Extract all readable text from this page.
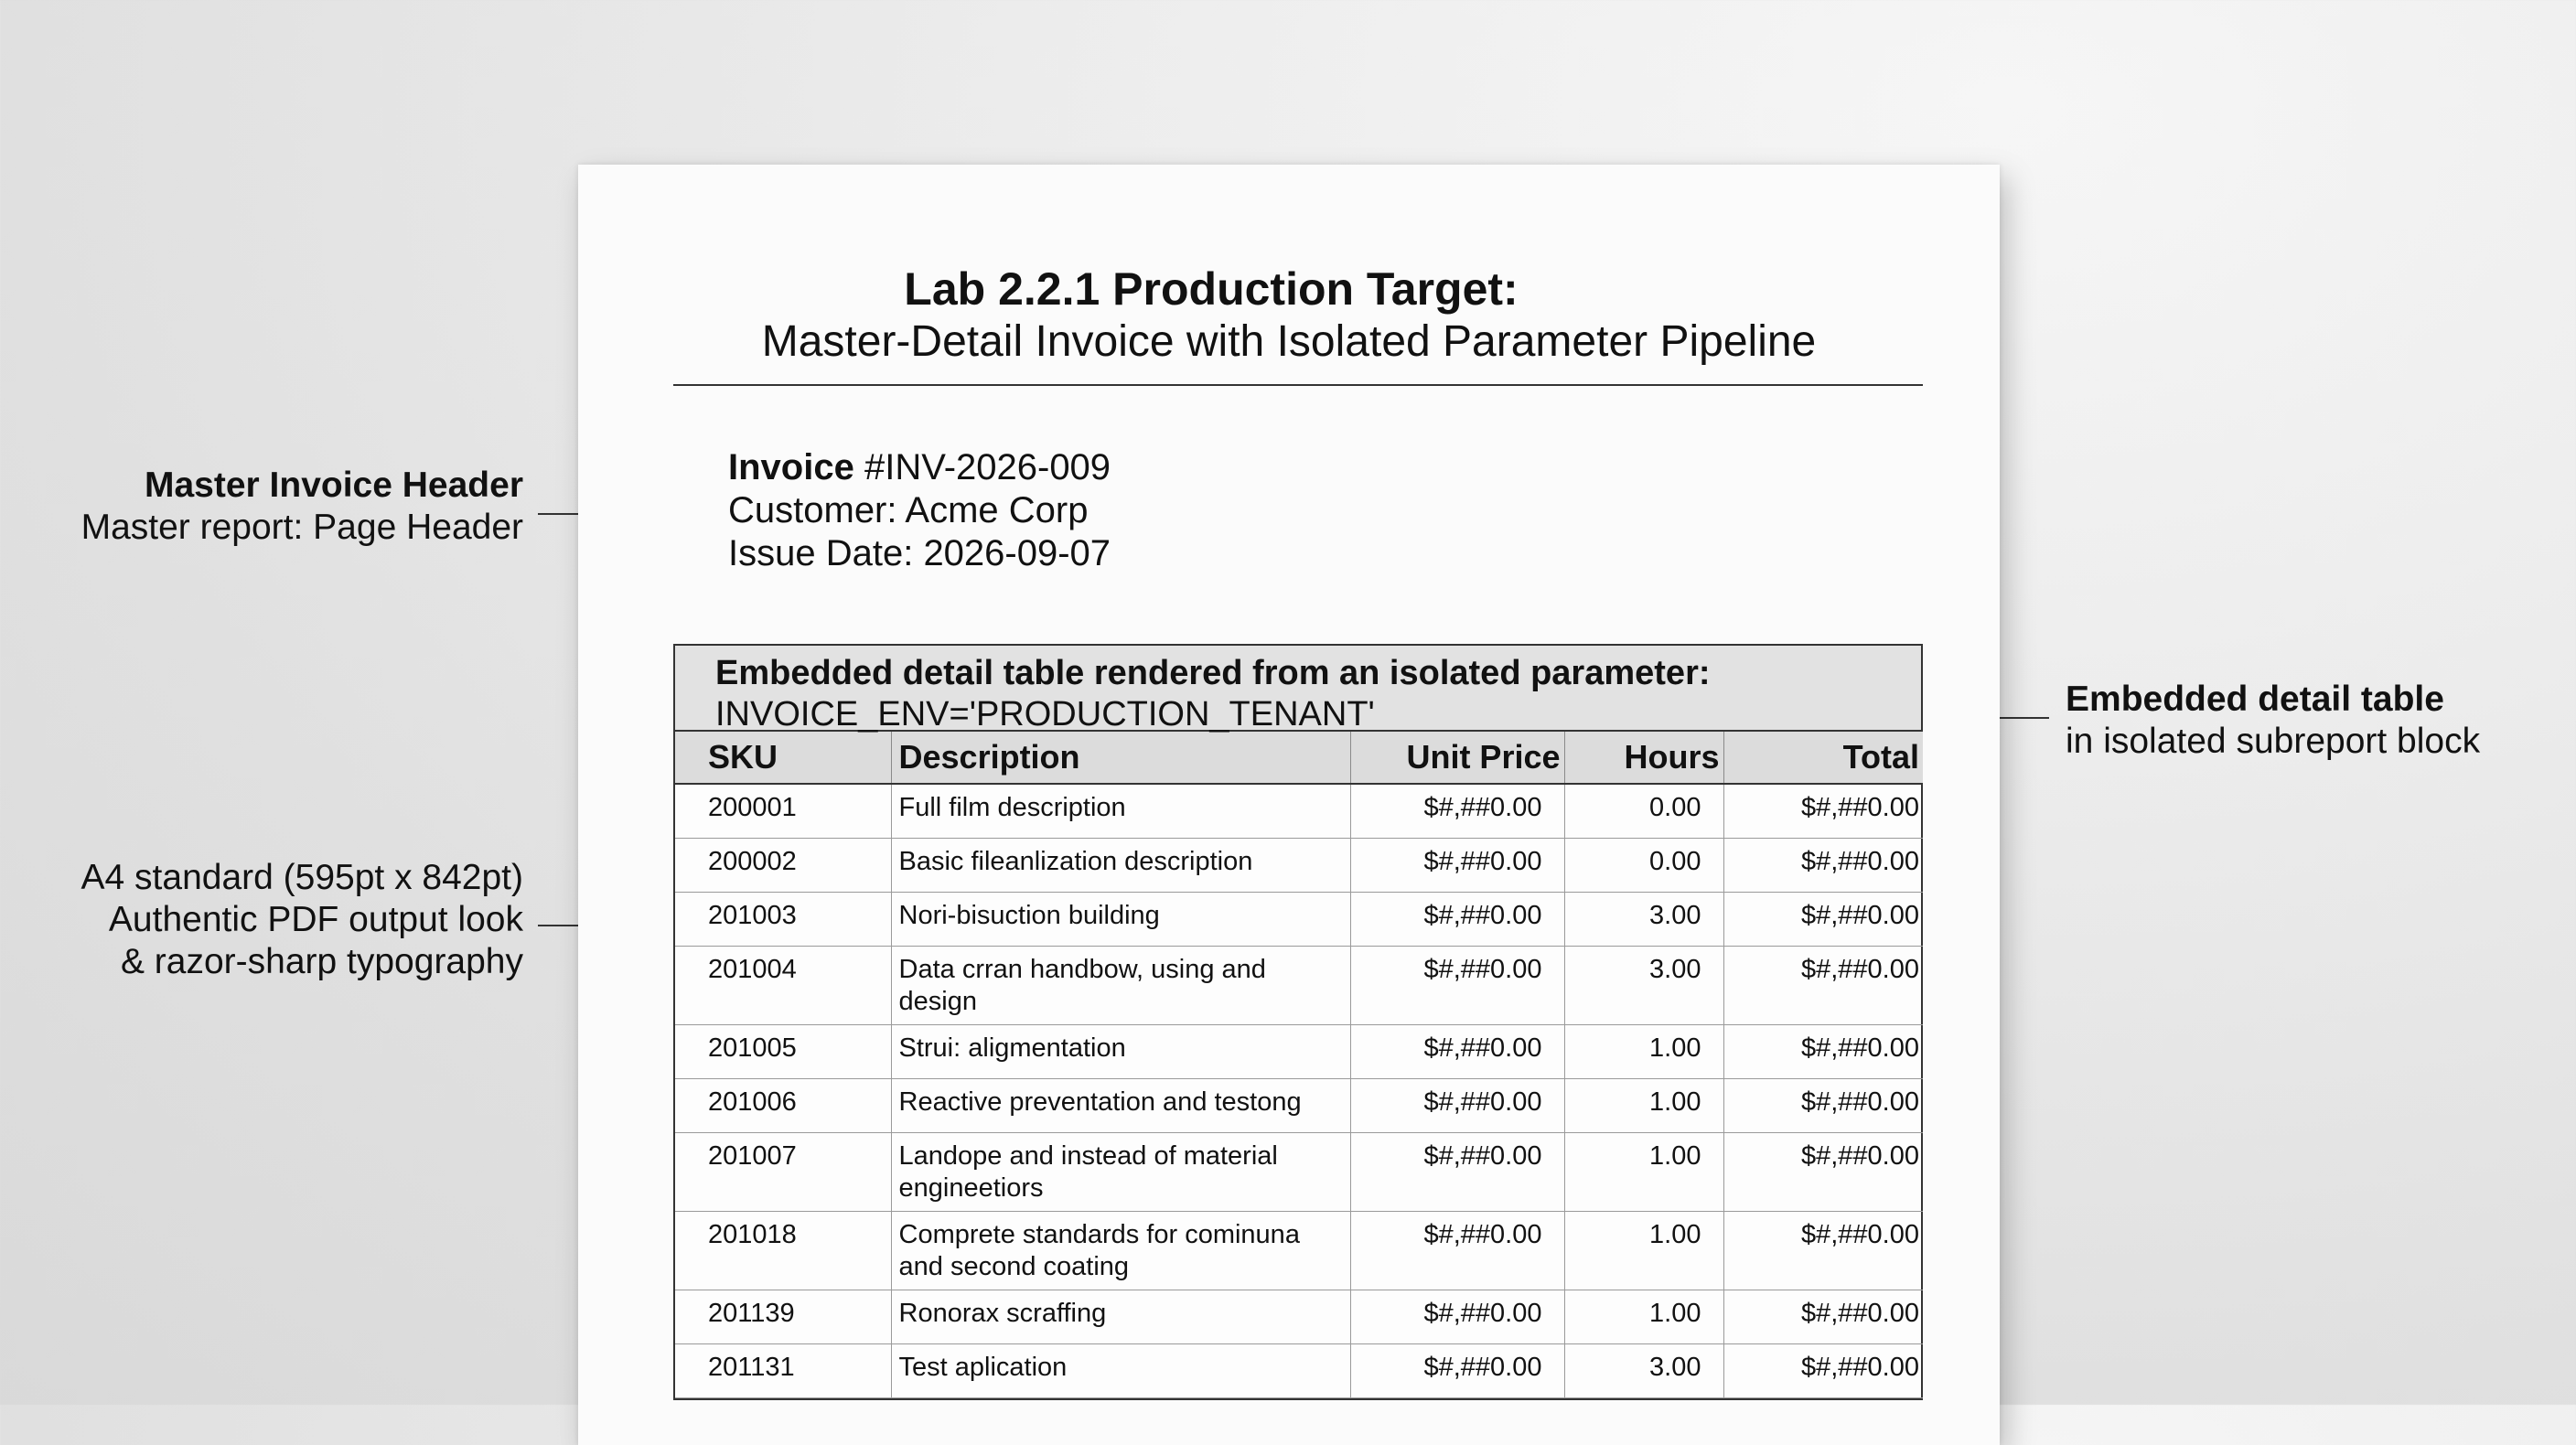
Master Invoice Header
Master report: Page Header
A4 standard (595pt x 842pt)
Authentic PDF output look
& razor-sharp typography
Embedded detail table
in isolated subreport block
Lab 2.2.1 Production Target:
Master-Detail Invoice with Isolated Parameter Pipeline
Invoice #INV-2026-009
Customer: Acme Corp
Issue Date: 2026-09-07
Embedded detail table rendered from an isolated parameter:
INVOICE_ENV='PRODUCTION_TENANT'
SKU	Description	Unit Price	Hours	Total
200001	Full film description	$#,##0.00	0.00	$#,##0.00
200002	Basic fileanlization description	$#,##0.00	0.00	$#,##0.00
201003	Nori-bisuction building	$#,##0.00	3.00	$#,##0.00
201004	Data crran handbow, using and design	$#,##0.00	3.00	$#,##0.00
201005	Strui: aligmentation	$#,##0.00	1.00	$#,##0.00
201006	Reactive preventation and testong	$#,##0.00	1.00	$#,##0.00
201007	Landope and instead of material engineetiors	$#,##0.00	1.00	$#,##0.00
201018	Comprete standards for cominuna and second coating	$#,##0.00	1.00	$#,##0.00
201139	Ronorax scraffing	$#,##0.00	1.00	$#,##0.00
201131	Test aplication	$#,##0.00	3.00	$#,##0.00
